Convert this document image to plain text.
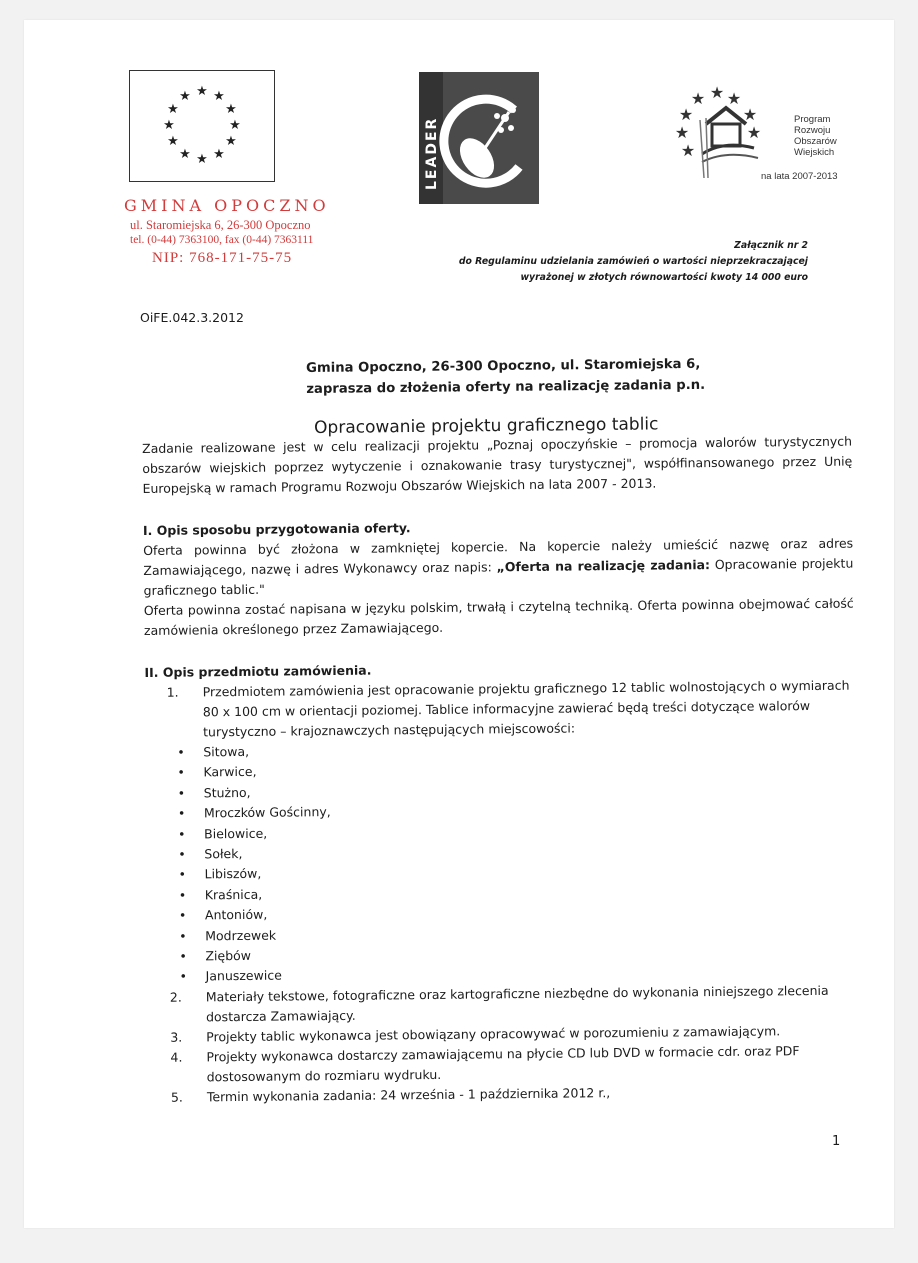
★ ★
★
★
★
★
★
★
★
★
★
★
GMINA OPOCZNO
ul. Staromiejska 6, 26-300 Opoczno
tel. (0-44) 7363100, fax (0-44) 7363111
NIP: 768-171-75-75
LEADER
★
★ ★
★	★
★	★
★
Program
Rozwoju
Obszarów
Wiejskich
na lata 2007-2013
Załącznik nr 2
do Regulaminu udzielania zamówień o wartości nieprzekraczającej
wyrażonej w złotych równowartości kwoty 14 000 euro
OiFE.042.3.2012
Gmina Opoczno, 26-300 Opoczno, ul. Staromiejska 6,
zaprasza do złożenia oferty na realizację zadania p.n.
Opracowanie projektu graficznego tablic

Zadanie realizowane jest w celu realizacji projektu „Poznaj opoczyńskie – promocja walorów turystycznych obszarów wiejskich poprzez wytyczenie i oznakowanie trasy turystycznej", współfinansowanego przez Unię Europejską w ramach Programu Rozwoju Obszarów Wiejskich na lata 2007 - 2013.

I. Opis sposobu przygotowania oferty.

Oferta powinna być złożona w zamkniętej kopercie. Na kopercie należy umieścić nazwę oraz adres Zamawiającego, nazwę i adres Wykonawcy oraz napis: „Oferta na realizację zadania: Opracowanie projektu graficznego tablic."

Oferta powinna zostać napisana w języku polskim, trwałą i czytelną techniką. Oferta powinna obejmować całość zamówienia określonego przez Zamawiającego.

II. Opis przedmiotu zamówienia.

1. Przedmiotem zamówienia jest opracowanie projektu graficznego 12 tablic wolnostojących o wymiarach 80 x 100 cm w orientacji poziomej. Tablice informacyjne zawierać będą treści dotyczące walorów turystyczno – krajoznawczych następujących miejscowości:
• Sitowa,
• Karwice,
• Stużno,
• Mroczków Gościnny,
• Bielowice,
• Sołek,
• Libiszów,
• Kraśnica,
• Antoniów,
• Modrzewek
• Ziębów
• Januszewice
2. Materiały tekstowe, fotograficzne oraz kartograficzne niezbędne do wykonania niniejszego zlecenia dostarcza Zamawiający.
3. Projekty tablic wykonawca jest obowiązany opracowywać w porozumieniu z zamawiającym.
4. Projekty wykonawca dostarczy zamawiającemu na płycie CD lub DVD w formacie cdr. oraz PDF dostosowanym do rozmiaru wydruku.
5. Termin wykonania zadania: 24 września - 1 października 2012 r.,
1
